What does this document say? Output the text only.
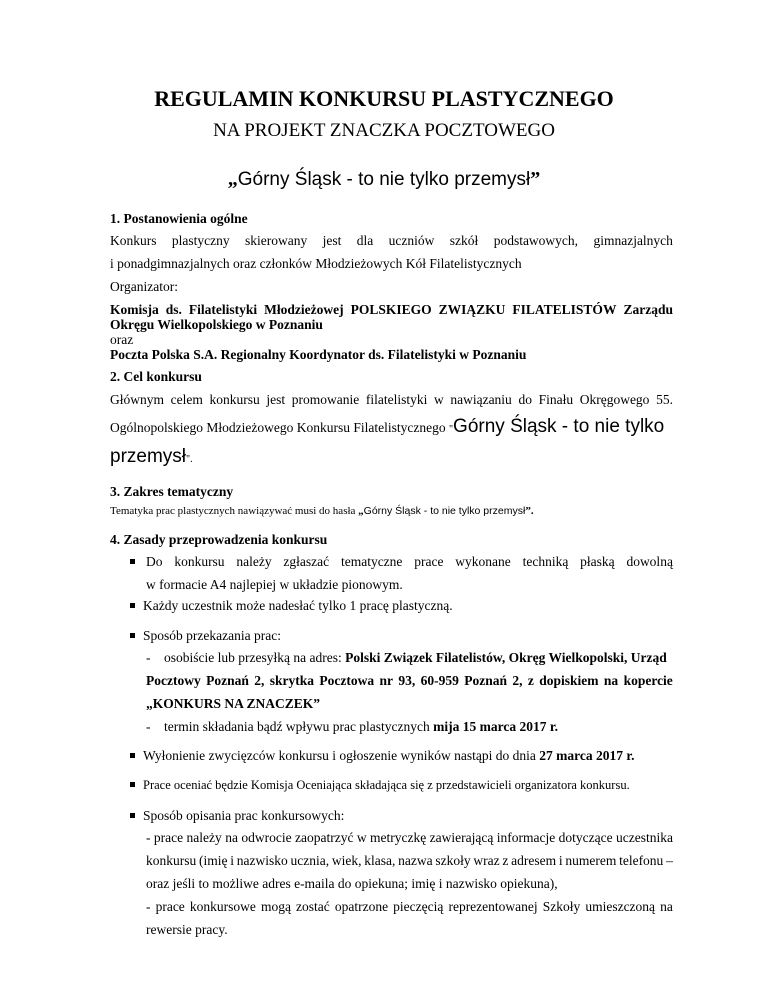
REGULAMIN KONKURSU PLASTYCZNEGO
NA PROJEKT ZNACZKA POCZTOWEGO
„Górny Śląsk - to nie tylko przemysł”
1. Postanowienia ogólne
Konkurs plastyczny skierowany jest dla uczniów szkół podstawowych, gimnazjalnych
i ponadgimnazjalnych oraz członków Młodzieżowych Kół Filatelistycznych
Organizator:
Komisja ds. Filatelistyki Młodzieżowej POLSKIEGO ZWIĄZKU FILATELISTÓW Zarządu
Okręgu Wielkopolskiego w Poznaniu
oraz
Poczta Polska S.A. Regionalny Koordynator ds. Filatelistyki w Poznaniu
2. Cel konkursu
Głównym celem konkursu jest promowanie filatelistyki w nawiązaniu do Finału Okręgowego 55.
Ogólnopolskiego Młodzieżowego Konkursu Filatelistycznego "Górny Śląsk - to nie tylko
przemysł".
3. Zakres tematyczny
Tematyka prac plastycznych nawiązywać musi do hasła „Górny Śląsk - to nie tylko przemysł”.
4. Zasady przeprowadzenia konkursu
Do konkursu należy zgłaszać tematyczne prace wykonane techniką płaską dowolną
w formacie A4 najlepiej w układzie pionowym.
Każdy uczestnik może nadesłać tylko 1 pracę plastyczną.
Sposób przekazania prac:
- osobiście lub przesyłką na adres: Polski Związek Filatelistów, Okręg Wielkopolski, Urząd
Pocztowy Poznań 2, skrytka Pocztowa nr 93, 60-959 Poznań 2, z dopiskiem na kopercie
„KONKURS NA ZNACZEK”
- termin składania bądź wpływu prac plastycznych mija 15 marca 2017 r.
Wyłonienie zwycięzców konkursu i ogłoszenie wyników nastąpi do dnia 27 marca 2017 r.
Prace oceniać będzie Komisja Oceniająca składająca się z przedstawicieli organizatora konkursu.
Sposób opisania prac konkursowych:
- prace należy na odwrocie zaopatrzyć w metryczkę zawierającą informacje dotyczące uczestnika
konkursu (imię i nazwisko ucznia, wiek, klasa, nazwa szkoły wraz z adresem i numerem telefonu –
oraz jeśli to możliwe adres e-maila do opiekuna; imię i nazwisko opiekuna),
- prace konkursowe mogą zostać opatrzone pieczęcią reprezentowanej Szkoły umieszczoną na
rewersie pracy.
